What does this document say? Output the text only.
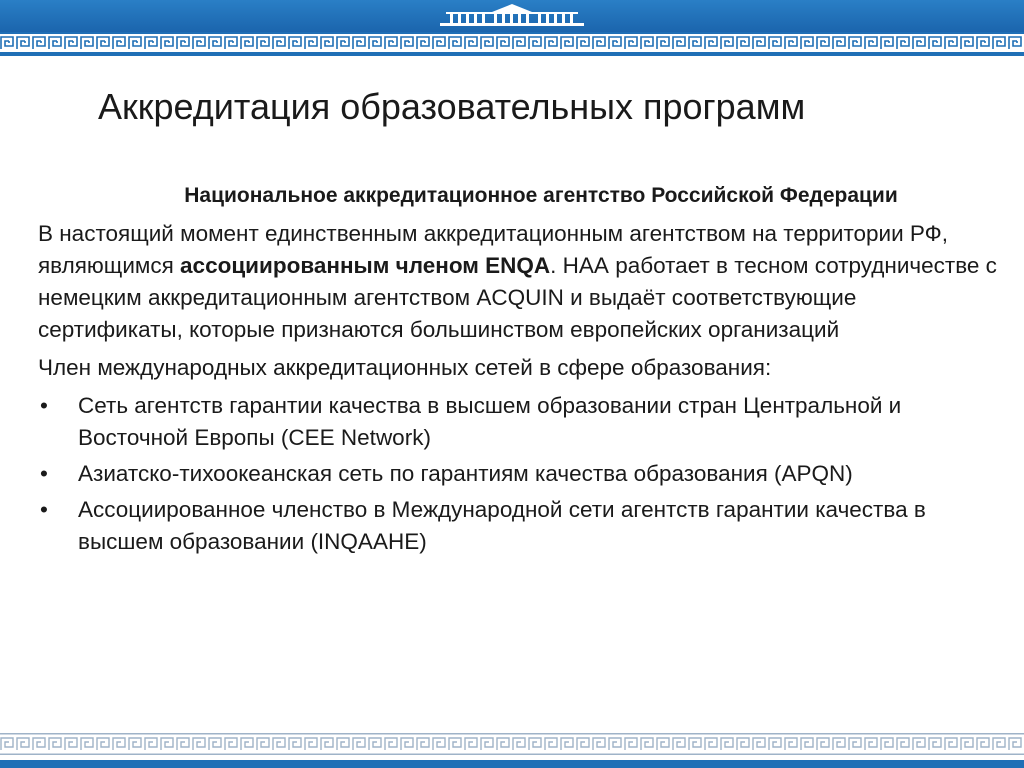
Аккредитация образовательных программ

Национальное аккредитационное агентство Российской Федерации

В настоящий момент единственным аккредитационным агентством на территории РФ, являющимся ассоциированным членом ENQA. НАА работает в тесном сотрудничестве с немецким аккредитационным агентством ACQUIN и выдаёт соответствующие сертификаты, которые признаются большинством европейских организаций

Член международных аккредитационных сетей в сфере образования:

• Сеть агентств гарантии качества в высшем образовании стран Центральной и Восточной Европы (CEE Network)
• Азиатско-тихоокеанская сеть по гарантиям качества образования (APQN)
• Ассоциированное членство в Международной сети агентств гарантии качества в высшем образовании (INQAAHE)
